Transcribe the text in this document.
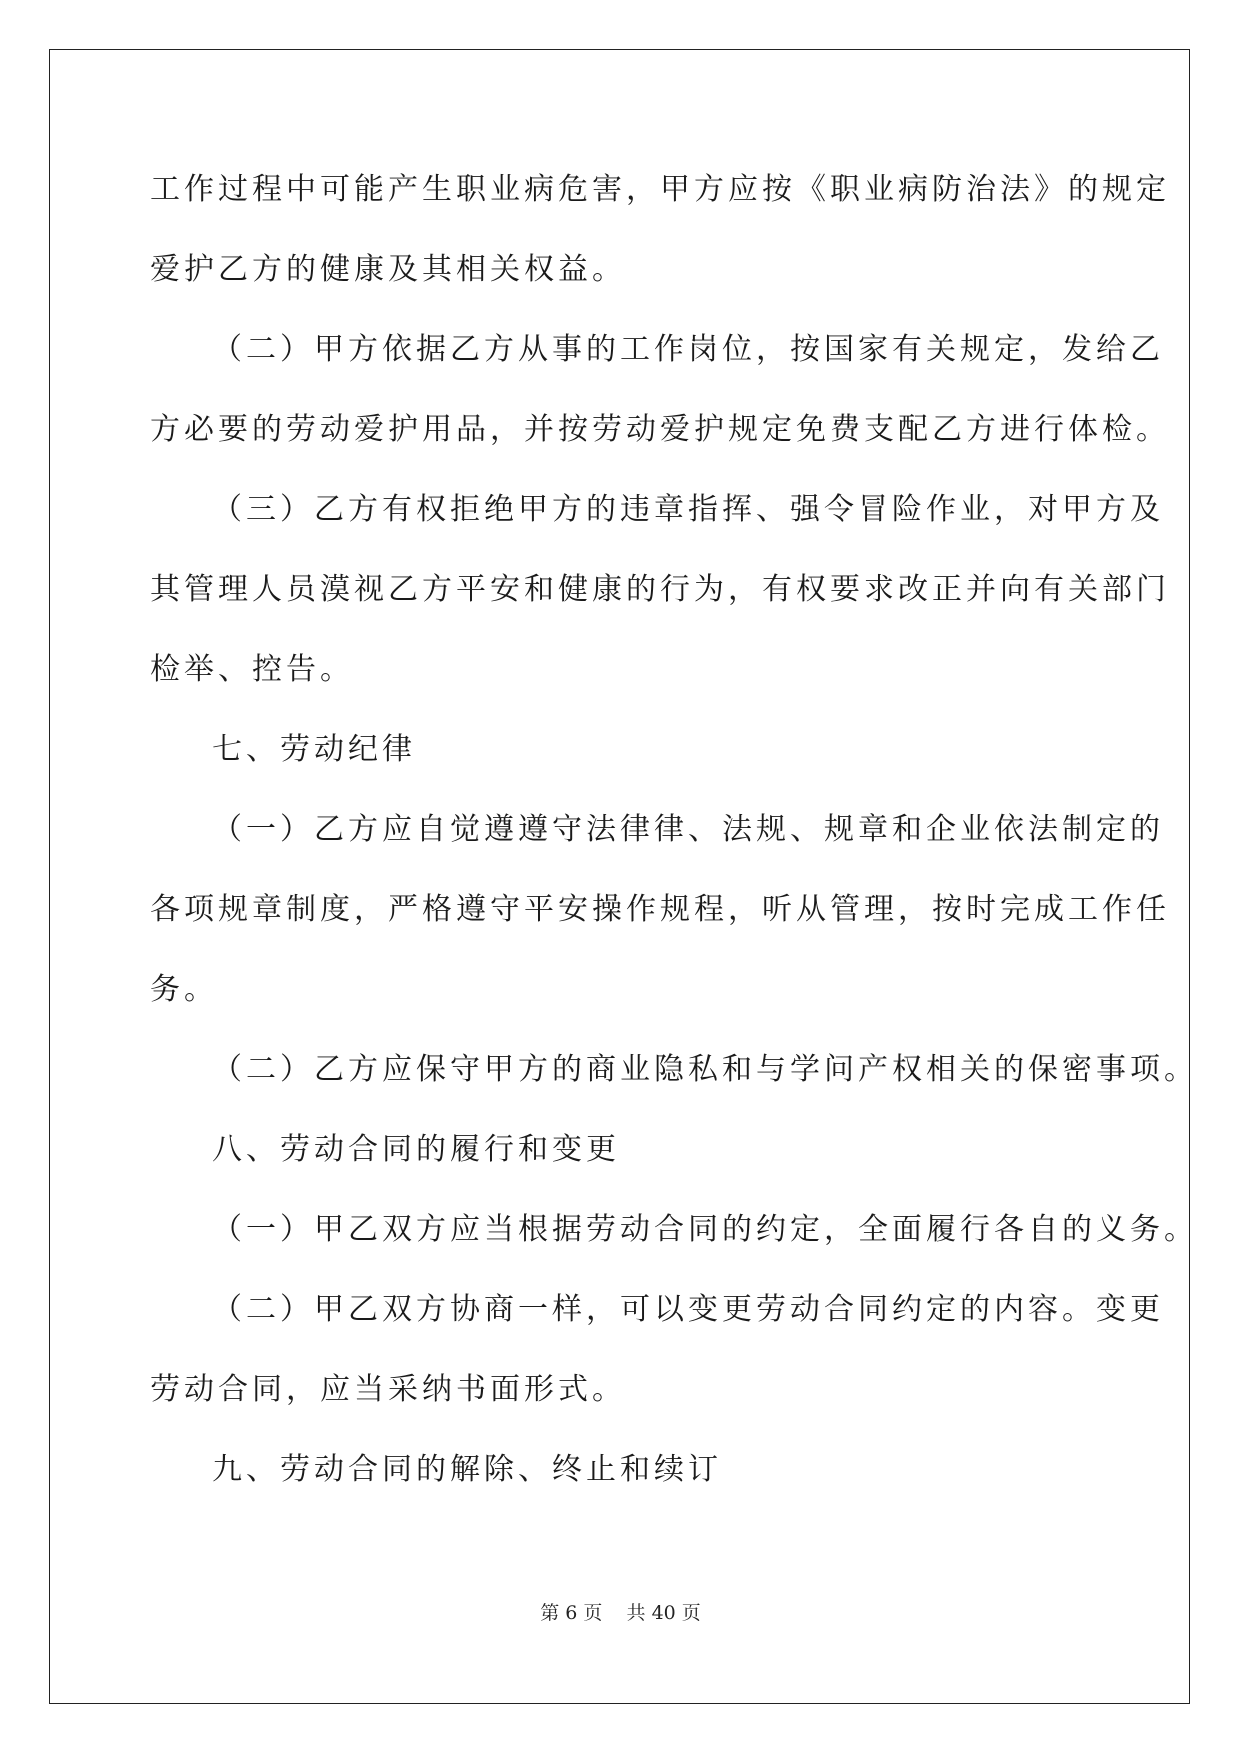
工作过程中可能产生职业病危害，甲方应按《职业病防治法》的规定
爱护乙方的健康及其相关权益。
（二）甲方依据乙方从事的工作岗位，按国家有关规定，发给乙
方必要的劳动爱护用品，并按劳动爱护规定免费支配乙方进行体检。
（三）乙方有权拒绝甲方的违章指挥、强令冒险作业，对甲方及
其管理人员漠视乙方平安和健康的行为，有权要求改正并向有关部门
检举、控告。
七、劳动纪律
（一）乙方应自觉遵遵守法律律、法规、规章和企业依法制定的
各项规章制度，严格遵守平安操作规程，听从管理，按时完成工作任
务。
（二）乙方应保守甲方的商业隐私和与学问产权相关的保密事项。
八、劳动合同的履行和变更
（一）甲乙双方应当根据劳动合同的约定，全面履行各自的义务。
（二）甲乙双方协商一样，可以变更劳动合同约定的内容。变更
劳动合同，应当采纳书面形式。
九、劳动合同的解除、终止和续订
第 6 页 共 40 页
